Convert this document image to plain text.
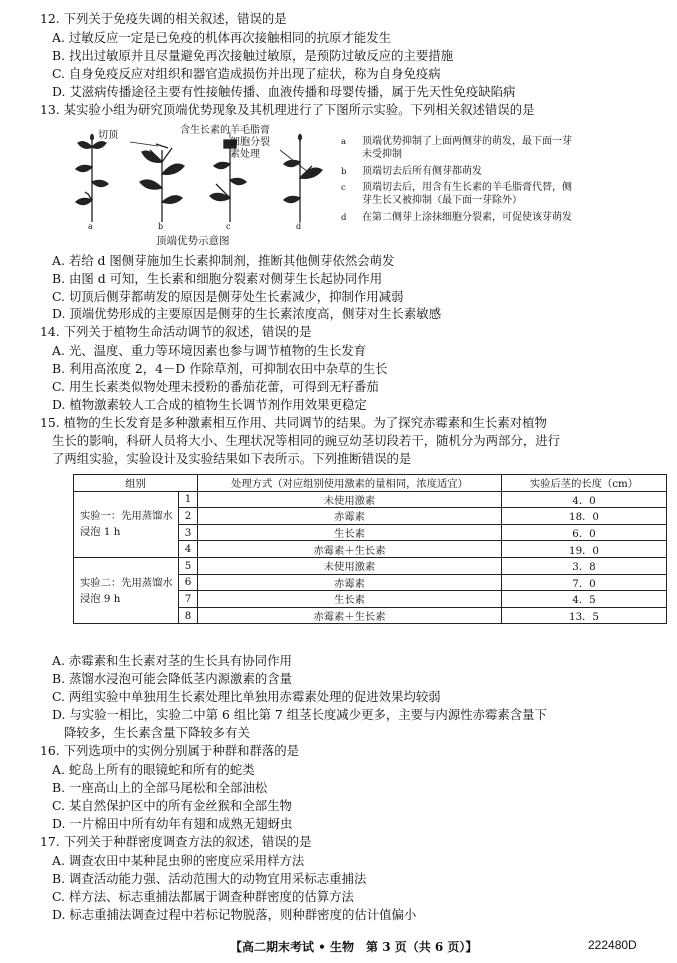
12. 下列关于免疫失调的相关叙述，错误的是
A. 过敏反应一定是已免疫的机体再次接触相同的抗原才能发生
B. 找出过敏原并且尽量避免再次接触过敏原，是预防过敏反应的主要措施
C. 自身免疫反应对组织和器官造成损伤并出现了症状，称为自身免疫病
D. 艾滋病传播途径主要有性接触传播、血液传播和母婴传播，属于先天性免疫缺陷病
13. 某实验小组为研究顶端优势现象及其机理进行了下图所示实验。下列相关叙述错误的是
a	b	c	d
切顶	含生长素的羊毛脂膏
细胞分裂
素处理
顶端优势示意图
a 顶端优势抑制了上面两侧芽的萌发，最下面一芽
未受抑制
b 顶端切去后所有侧芽都萌发
c 顶端切去后，用含有生长素的羊毛脂膏代替，侧
芽生长又被抑制（最下面一芽除外）
d 在第二侧芽上涂抹细胞分裂素，可促使该芽萌发
A. 若给 d 图侧芽施加生长素抑制剂，推断其他侧芽依然会萌发
B. 由图 d 可知，生长素和细胞分裂素对侧芽生长起协同作用
C. 切顶后侧芽都萌发的原因是侧芽处生长素减少，抑制作用减弱
D. 顶端优势形成的主要原因是侧芽的生长素浓度高，侧芽对生长素敏感
14. 下列关于植物生命活动调节的叙述，错误的是
A. 光、温度、重力等环境因素也参与调节植物的生长发育
B. 利用高浓度 2，4－D 作除草剂，可抑制农田中杂草的生长
C. 用生长素类似物处理未授粉的番茄花蕾，可得到无籽番茄
D. 植物激素较人工合成的植物生长调节剂作用效果更稳定
15. 植物的生长发育是多种激素相互作用、共同调节的结果。为了探究赤霉素和生长素对植物
生长的影响，科研人员将大小、生理状况等相同的豌豆幼茎切段若干，随机分为两部分，进行
了两组实验，实验设计及实验结果如下表所示。下列推断错误的是
组别		处理方式（对应组别使用激素的量相同，浓度适宜）	实验后茎的长度（cm）
实验一：先用蒸馏水浸泡 1 h	1	未使用激素	4．0
	2	赤霉素	18．0
	3	生长素	6．0
	4	赤霉素＋生长素	19．0
实验二：先用蒸馏水浸泡 9 h	5	未使用激素	3．8
	6	赤霉素	7．0
	7	生长素	4．5
	8	赤霉素＋生长素	13．5
A. 赤霉素和生长素对茎的生长具有协同作用
B. 蒸馏水浸泡可能会降低茎内源激素的含量
C. 两组实验中单独用生长素处理比单独用赤霉素处理的促进效果均较弱
D. 与实验一相比，实验二中第 6 组比第 7 组茎长度减少更多，主要与内源性赤霉素含量下
降较多，生长素含量下降较多有关
16. 下列选项中的实例分别属于种群和群落的是
A. 蛇岛上所有的眼镜蛇和所有的蛇类
B. 一座高山上的全部马尾松和全部油松
C. 某自然保护区中的所有金丝猴和全部生物
D. 一片棉田中所有幼年有翅和成熟无翅蚜虫
17. 下列关于种群密度调查方法的叙述，错误的是
A. 调查农田中某种昆虫卵的密度应采用样方法
B. 调查活动能力强、活动范围大的动物宜用采标志重捕法
C. 样方法、标志重捕法都属于调查种群密度的估算方法
D. 标志重捕法调查过程中若标记物脱落，则种群密度的估计值偏小
【高二期末考试 • 生物　第 3 页（共 6 页）】	222480D
